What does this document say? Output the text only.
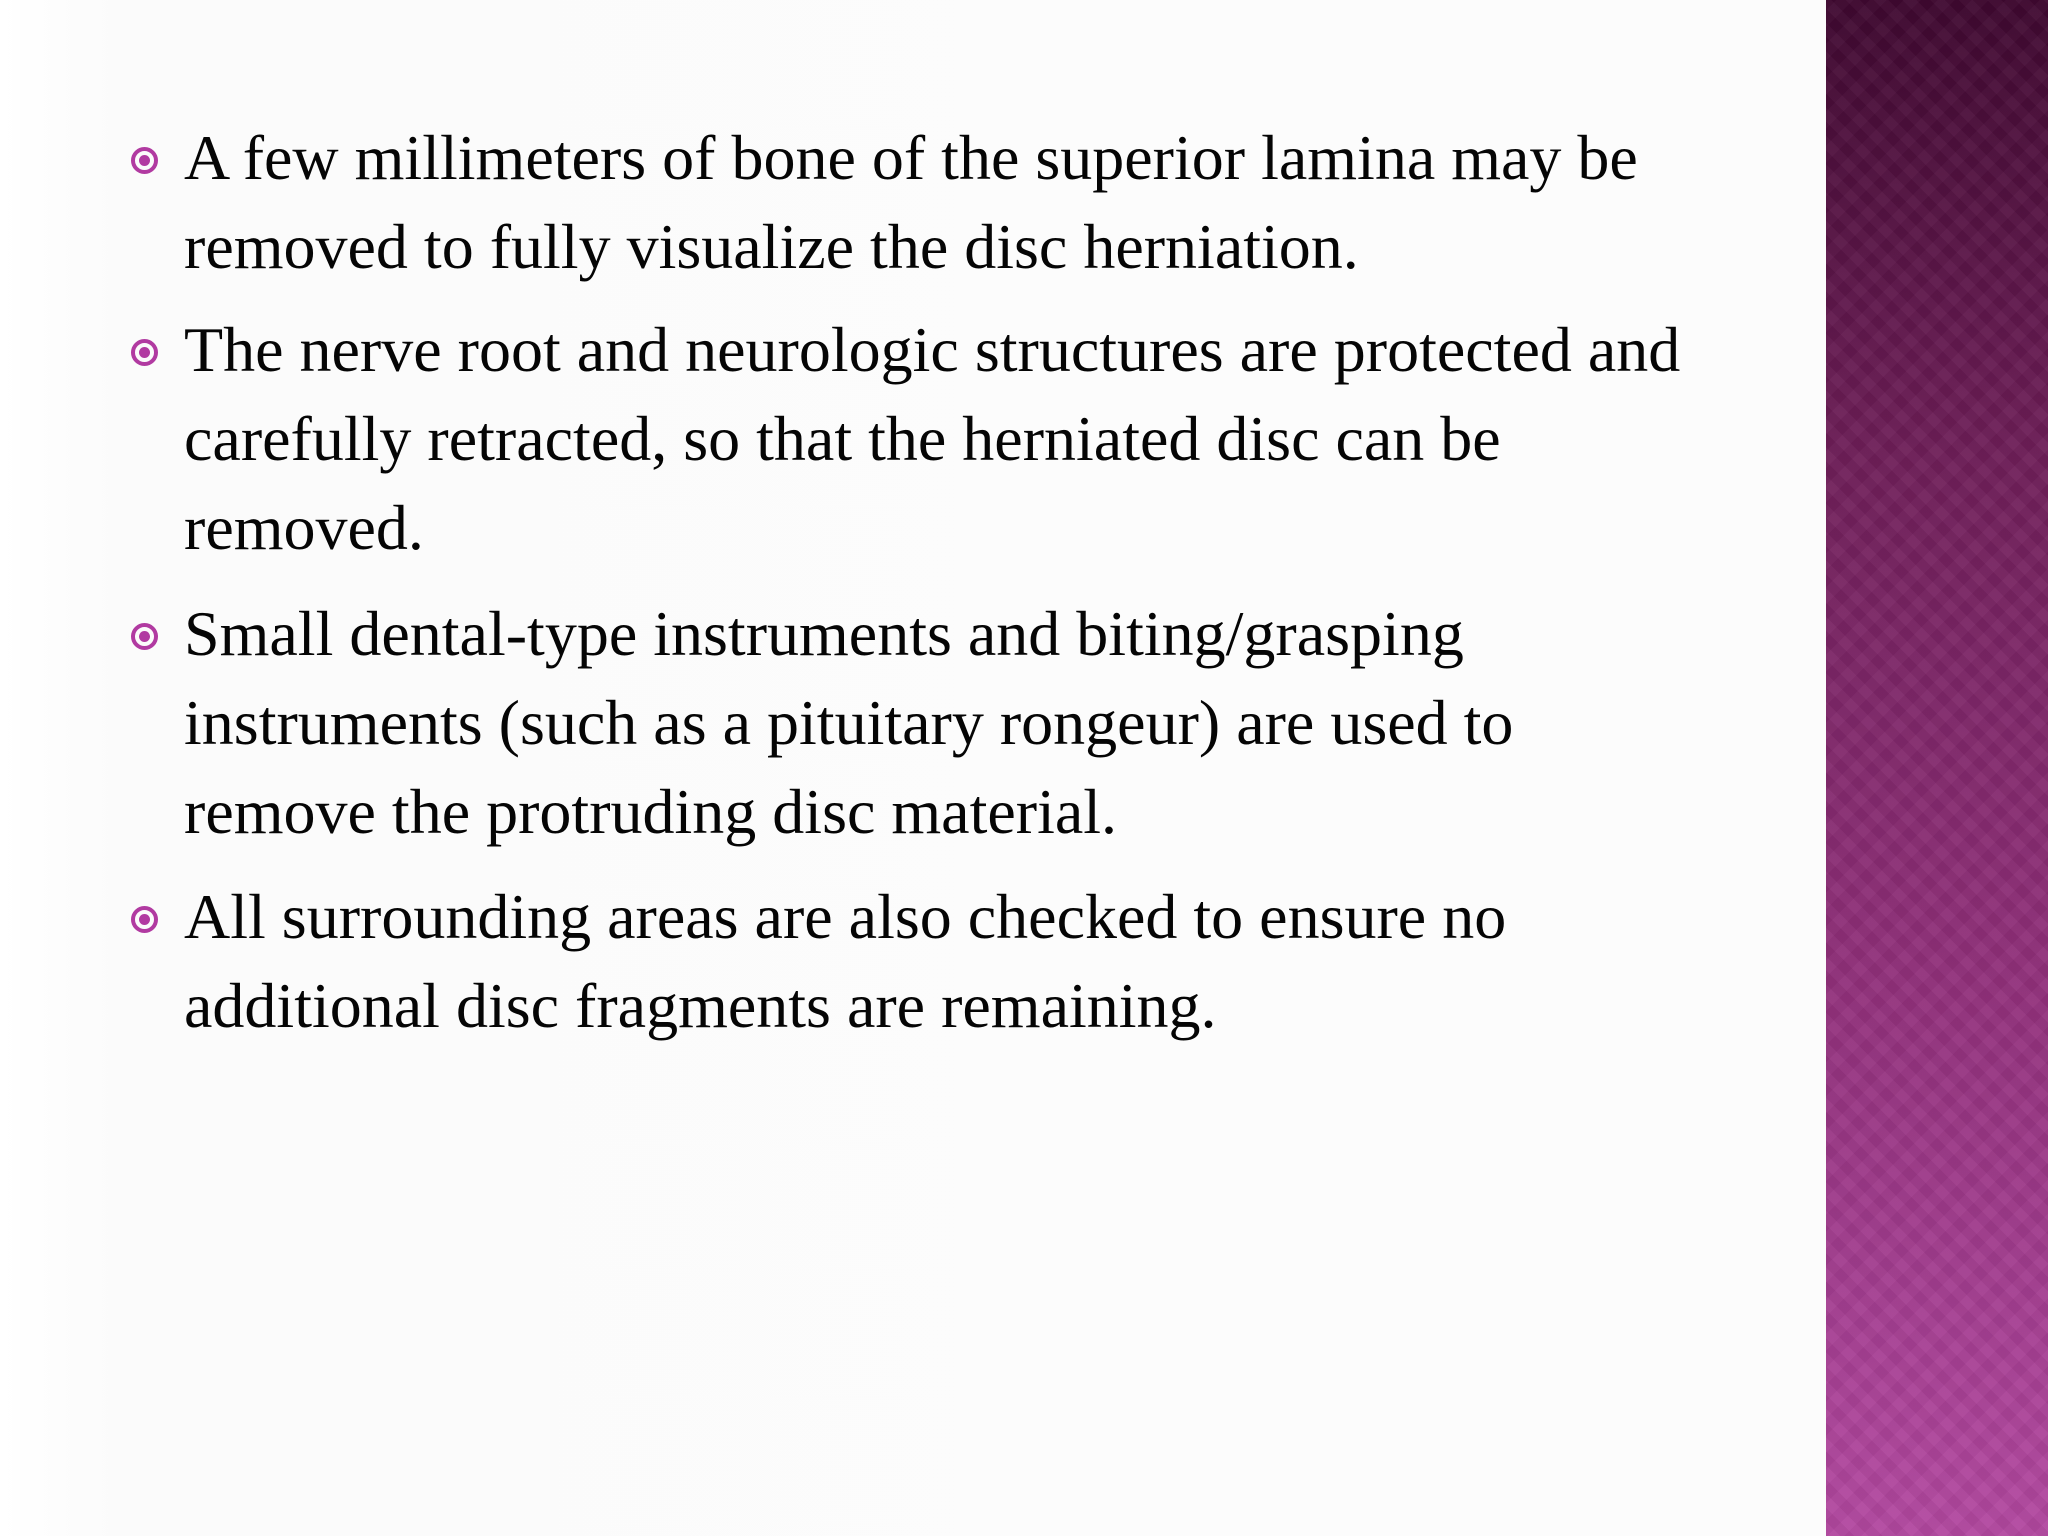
A few millimeters of bone of the superior lamina may be
removed to fully visualize the disc herniation.
The nerve root and neurologic structures are protected and
carefully retracted, so that the herniated disc can be
removed.
Small dental-type instruments and biting/grasping
instruments (such as a pituitary rongeur) are used to
remove the protruding disc material.
All surrounding areas are also checked to ensure no
additional disc fragments are remaining.
